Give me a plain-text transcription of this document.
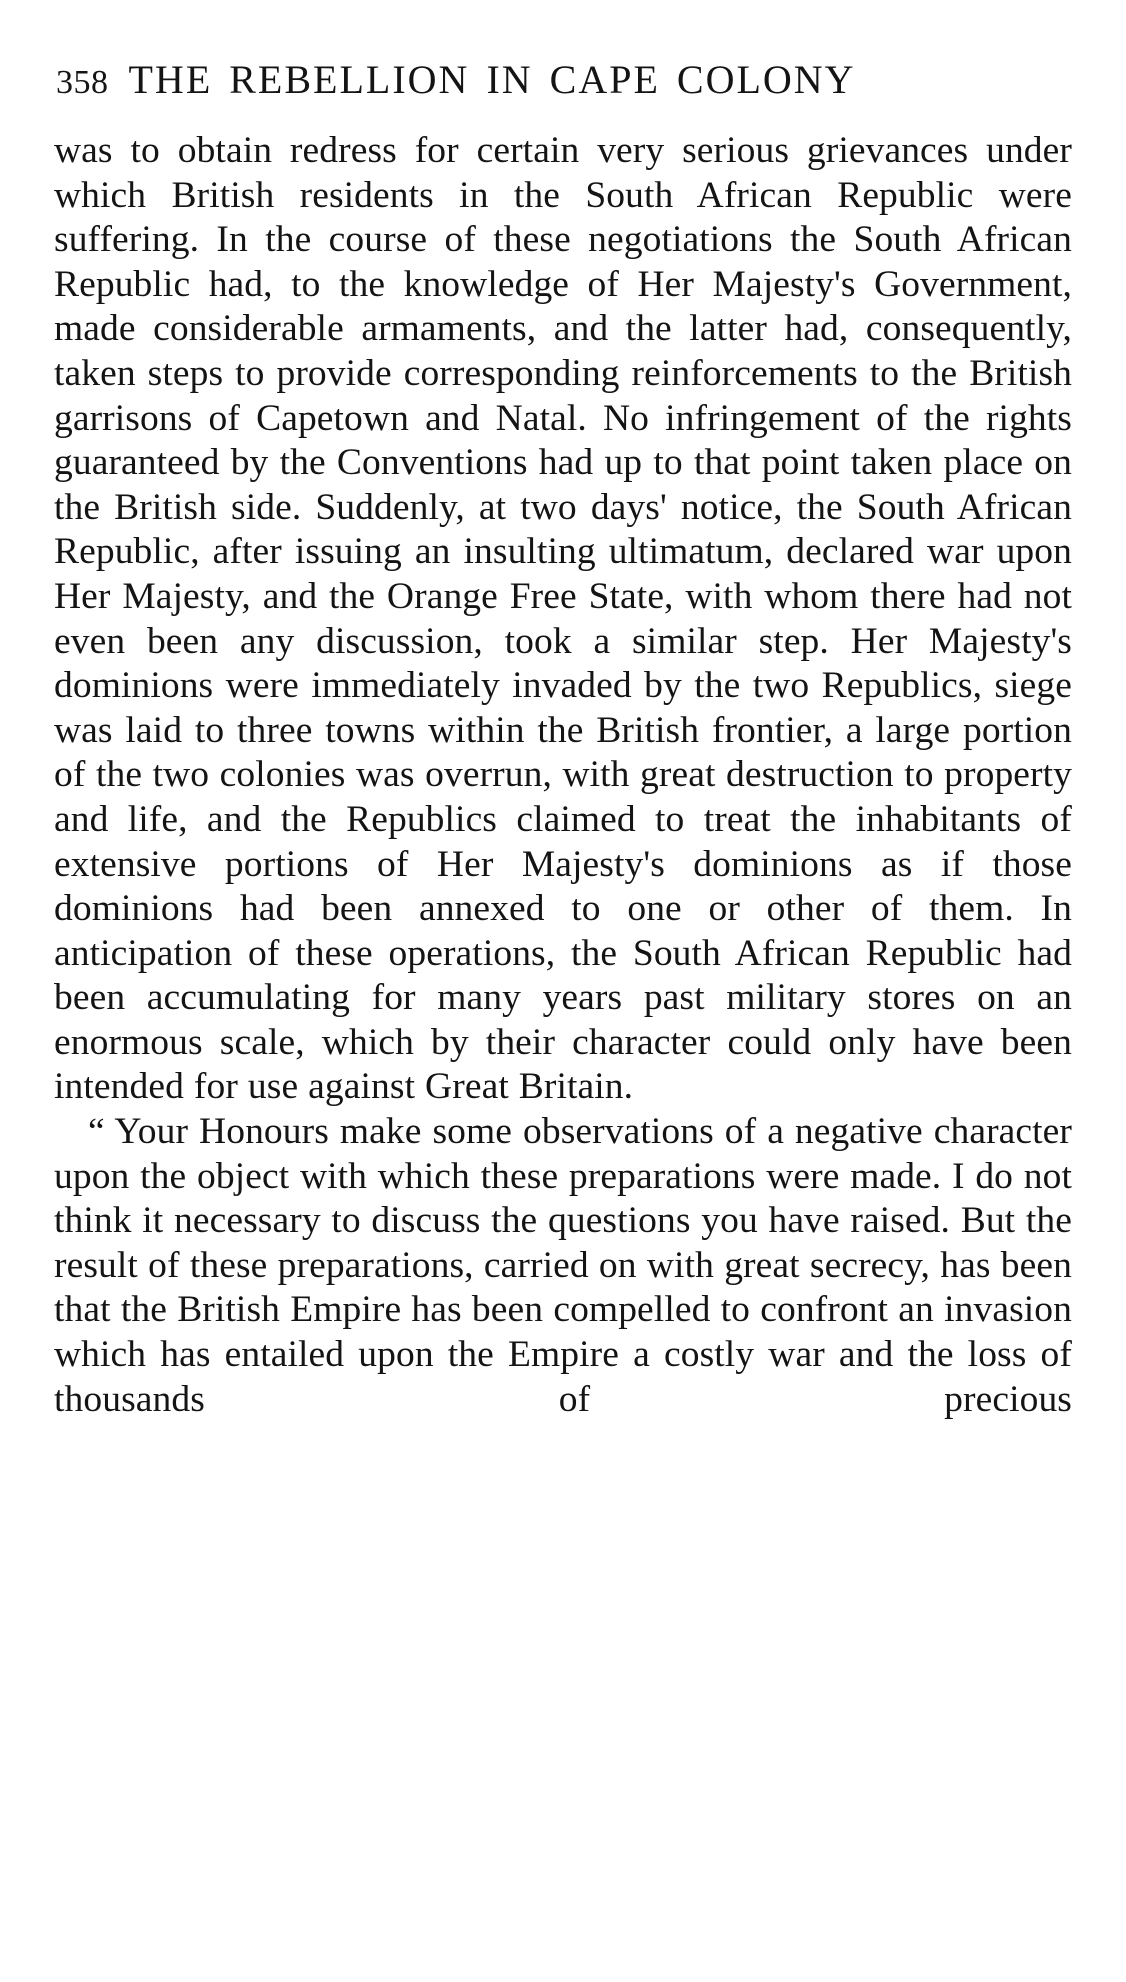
358 THE REBELLION IN CAPE COLONY

was to obtain redress for certain very serious grievances under which British residents in the South African Republic were suffering. In the course of these negotiations the South African Republic had, to the knowledge of Her Majesty's Government, made considerable armaments, and the latter had, consequently, taken steps to provide corresponding reinforcements to the British garrisons of Capetown and Natal. No infringement of the rights guaranteed by the Conventions had up to that point taken place on the British side. Suddenly, at two days' notice, the South African Republic, after issuing an insulting ultimatum, declared war upon Her Majesty, and the Orange Free State, with whom there had not even been any discussion, took a similar step. Her Majesty's dominions were immediately invaded by the two Republics, siege was laid to three towns within the British frontier, a large portion of the two colonies was overrun, with great destruction to property and life, and the Republics claimed to treat the inhabitants of extensive portions of Her Majesty's dominions as if those dominions had been annexed to one or other of them. In anticipation of these operations, the South African Republic had been accumulating for many years past military stores on an enormous scale, which by their character could only have been intended for use against Great Britain.

“ Your Honours make some observations of a negative character upon the object with which these preparations were made. I do not think it necessary to discuss the questions you have raised. But the result of these preparations, carried on with great secrecy, has been that the British Empire has been compelled to confront an invasion which has entailed upon the Empire a costly war and the loss of thousands of precious
